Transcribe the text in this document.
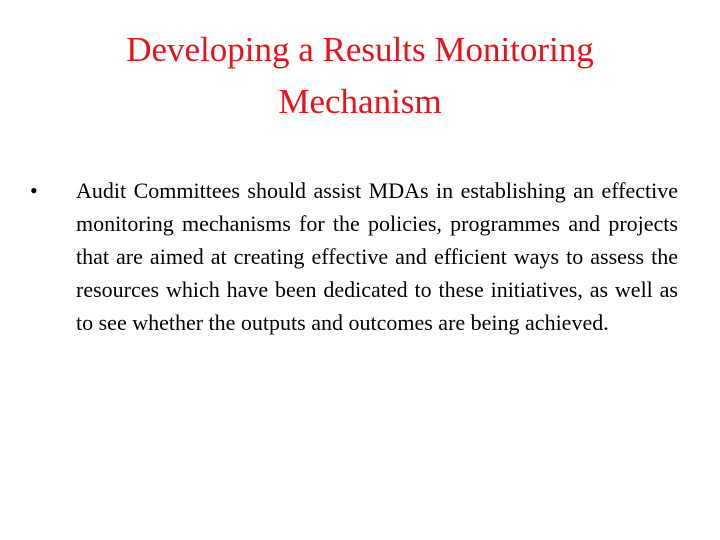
Developing a Results Monitoring
Mechanism
•	Audit Committees should assist MDAs in establishing an effective monitoring mechanisms for the policies, programmes and projects that are aimed at creating effective and efficient ways to assess the resources which have been dedicated to these initiatives, as well as to see whether the outputs and outcomes are being achieved.
